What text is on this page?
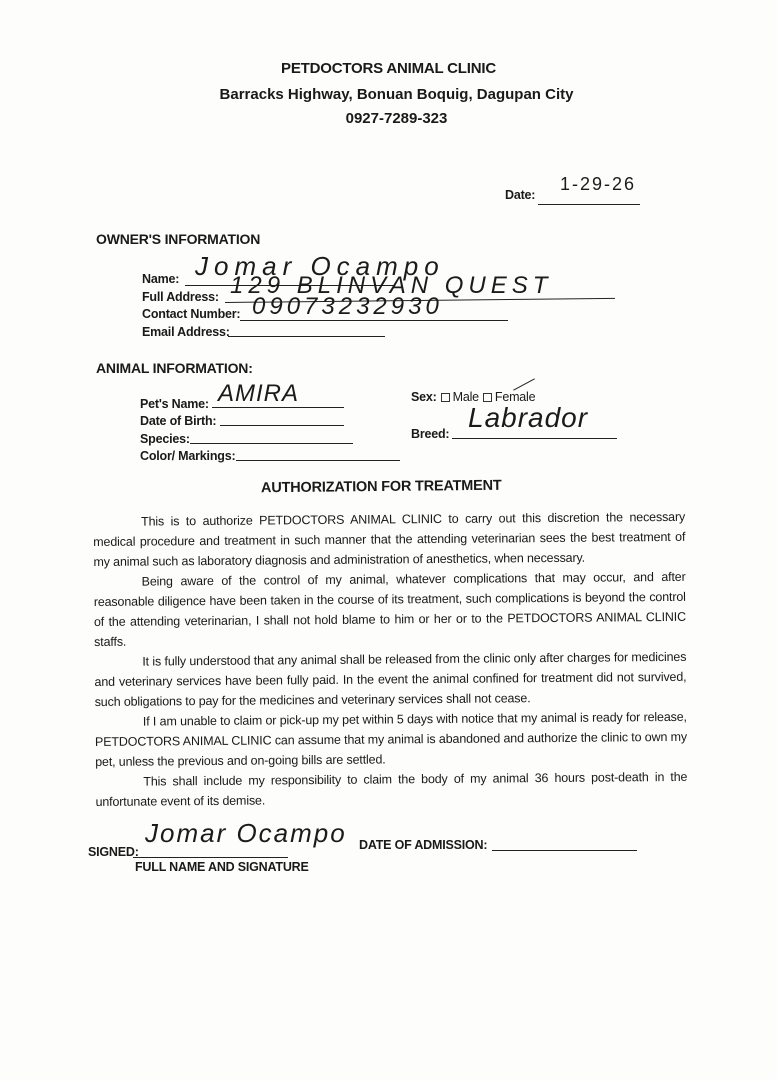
PETDOCTORS ANIMAL CLINIC
Barracks Highway, Bonuan Boquig, Dagupan City
0927-7289-323
Date:
1-29-26
OWNER'S INFORMATION
Name: Jomar Ocampo
Full Address: 129 BLINVAN QUEST
Contact Number: 09073232930
Email Address:
ANIMAL INFORMATION:
Pet's Name: AMIRA
Date of Birth:
Species:
Color/ Markings:
Sex: Male Female
Breed:
Labrador
AUTHORIZATION FOR TREATMENT

This is to authorize PETDOCTORS ANIMAL CLINIC to carry out this discretion the necessary medical procedure and treatment in such manner that the attending veterinarian sees the best treatment of my animal such as laboratory diagnosis and administration of anesthetics, when necessary.

Being aware of the control of my animal, whatever complications that may occur, and after reasonable diligence have been taken in the course of its treatment, such complications is beyond the control of the attending veterinarian, I shall not hold blame to him or her or to the PETDOCTORS ANIMAL CLINIC staffs.

It is fully understood that any animal shall be released from the clinic only after charges for medicines and veterinary services have been fully paid. In the event the animal confined for treatment did not survived, such obligations to pay for the medicines and veterinary services shall not cease.

If I am unable to claim or pick-up my pet within 5 days with notice that my animal is ready for release, PETDOCTORS ANIMAL CLINIC can assume that my animal is abandoned and authorize the clinic to own my pet, unless the previous and on-going bills are settled.

This shall include my responsibility to claim the body of my animal 36 hours post-death in the unfortunate event of its demise.

SIGNED:
Jomar Ocampo
FULL NAME AND SIGNATURE
DATE OF ADMISSION:
